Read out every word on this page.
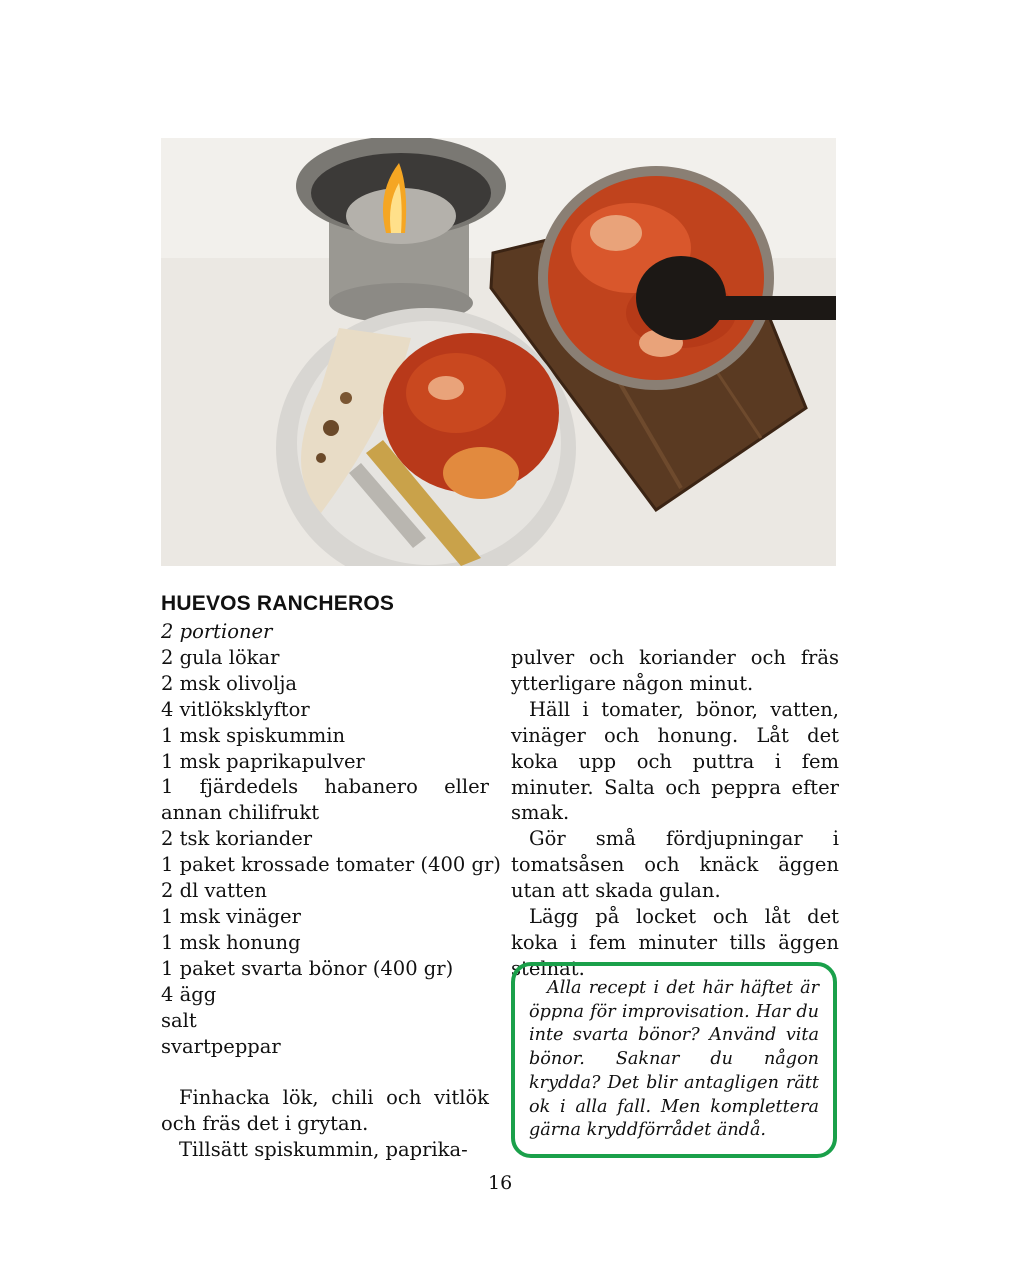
HUEVOS RANCHEROS
2 portioner
2 gula lökar
2 msk olivolja
4 vitlöksklyftor
1 msk spiskummin
1 msk paprikapulver
1 fjärdedels habanero eller annan chilifrukt
2 tsk koriander
1 paket krossade tomater (400 gr)
2 dl vatten
1 msk vinäger
1 msk honung
1 paket svarta bönor (400 gr)
4 ägg
salt
svartpeppar

Finhacka lök, chili och vitlök och fräs det i grytan.

Tillsätt spiskummin, paprika-

pulver och koriander och fräs ytterligare någon minut.

Häll i tomater, bönor, vatten, vinäger och honung. Låt det koka upp och puttra i fem minuter. Salta och peppra efter smak.

Gör små fördjupningar i tomatsåsen och knäck äggen utan att skada gulan.

Lägg på locket och låt det koka i fem minuter tills äggen stelnat.

Alla recept i det här häftet är öppna för improvisation. Har du inte svarta bönor? Använd vita bönor. Saknar du någon krydda? Det blir antagligen rätt ok i alla fall. Men komplettera gärna kryddförrådet ändå.
16
